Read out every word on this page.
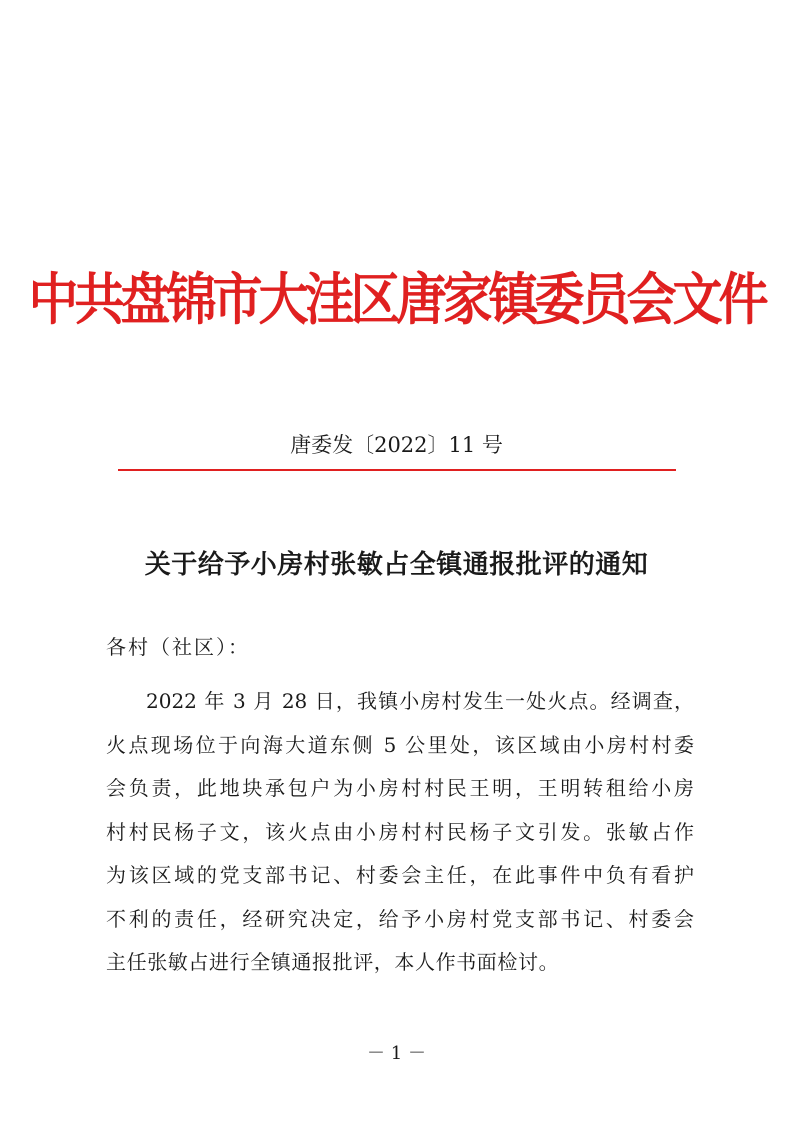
中共盘锦市大洼区唐家镇委员会文件
唐委发〔2022〕11 号
关于给予小房村张敏占全镇通报批评的通知
各村（社区）：
2022 年 3 月 28 日，我镇小房村发生一处火点。经调查，
火点现场位于向海大道东侧 5 公里处，该区域由小房村村委
会负责，此地块承包户为小房村村民王明，王明转租给小房
村村民杨子文，该火点由小房村村民杨子文引发。张敏占作
为该区域的党支部书记、村委会主任，在此事件中负有看护
不利的责任，经研究决定，给予小房村党支部书记、村委会
主任张敏占进行全镇通报批评，本人作书面检讨。
－ 1 －
